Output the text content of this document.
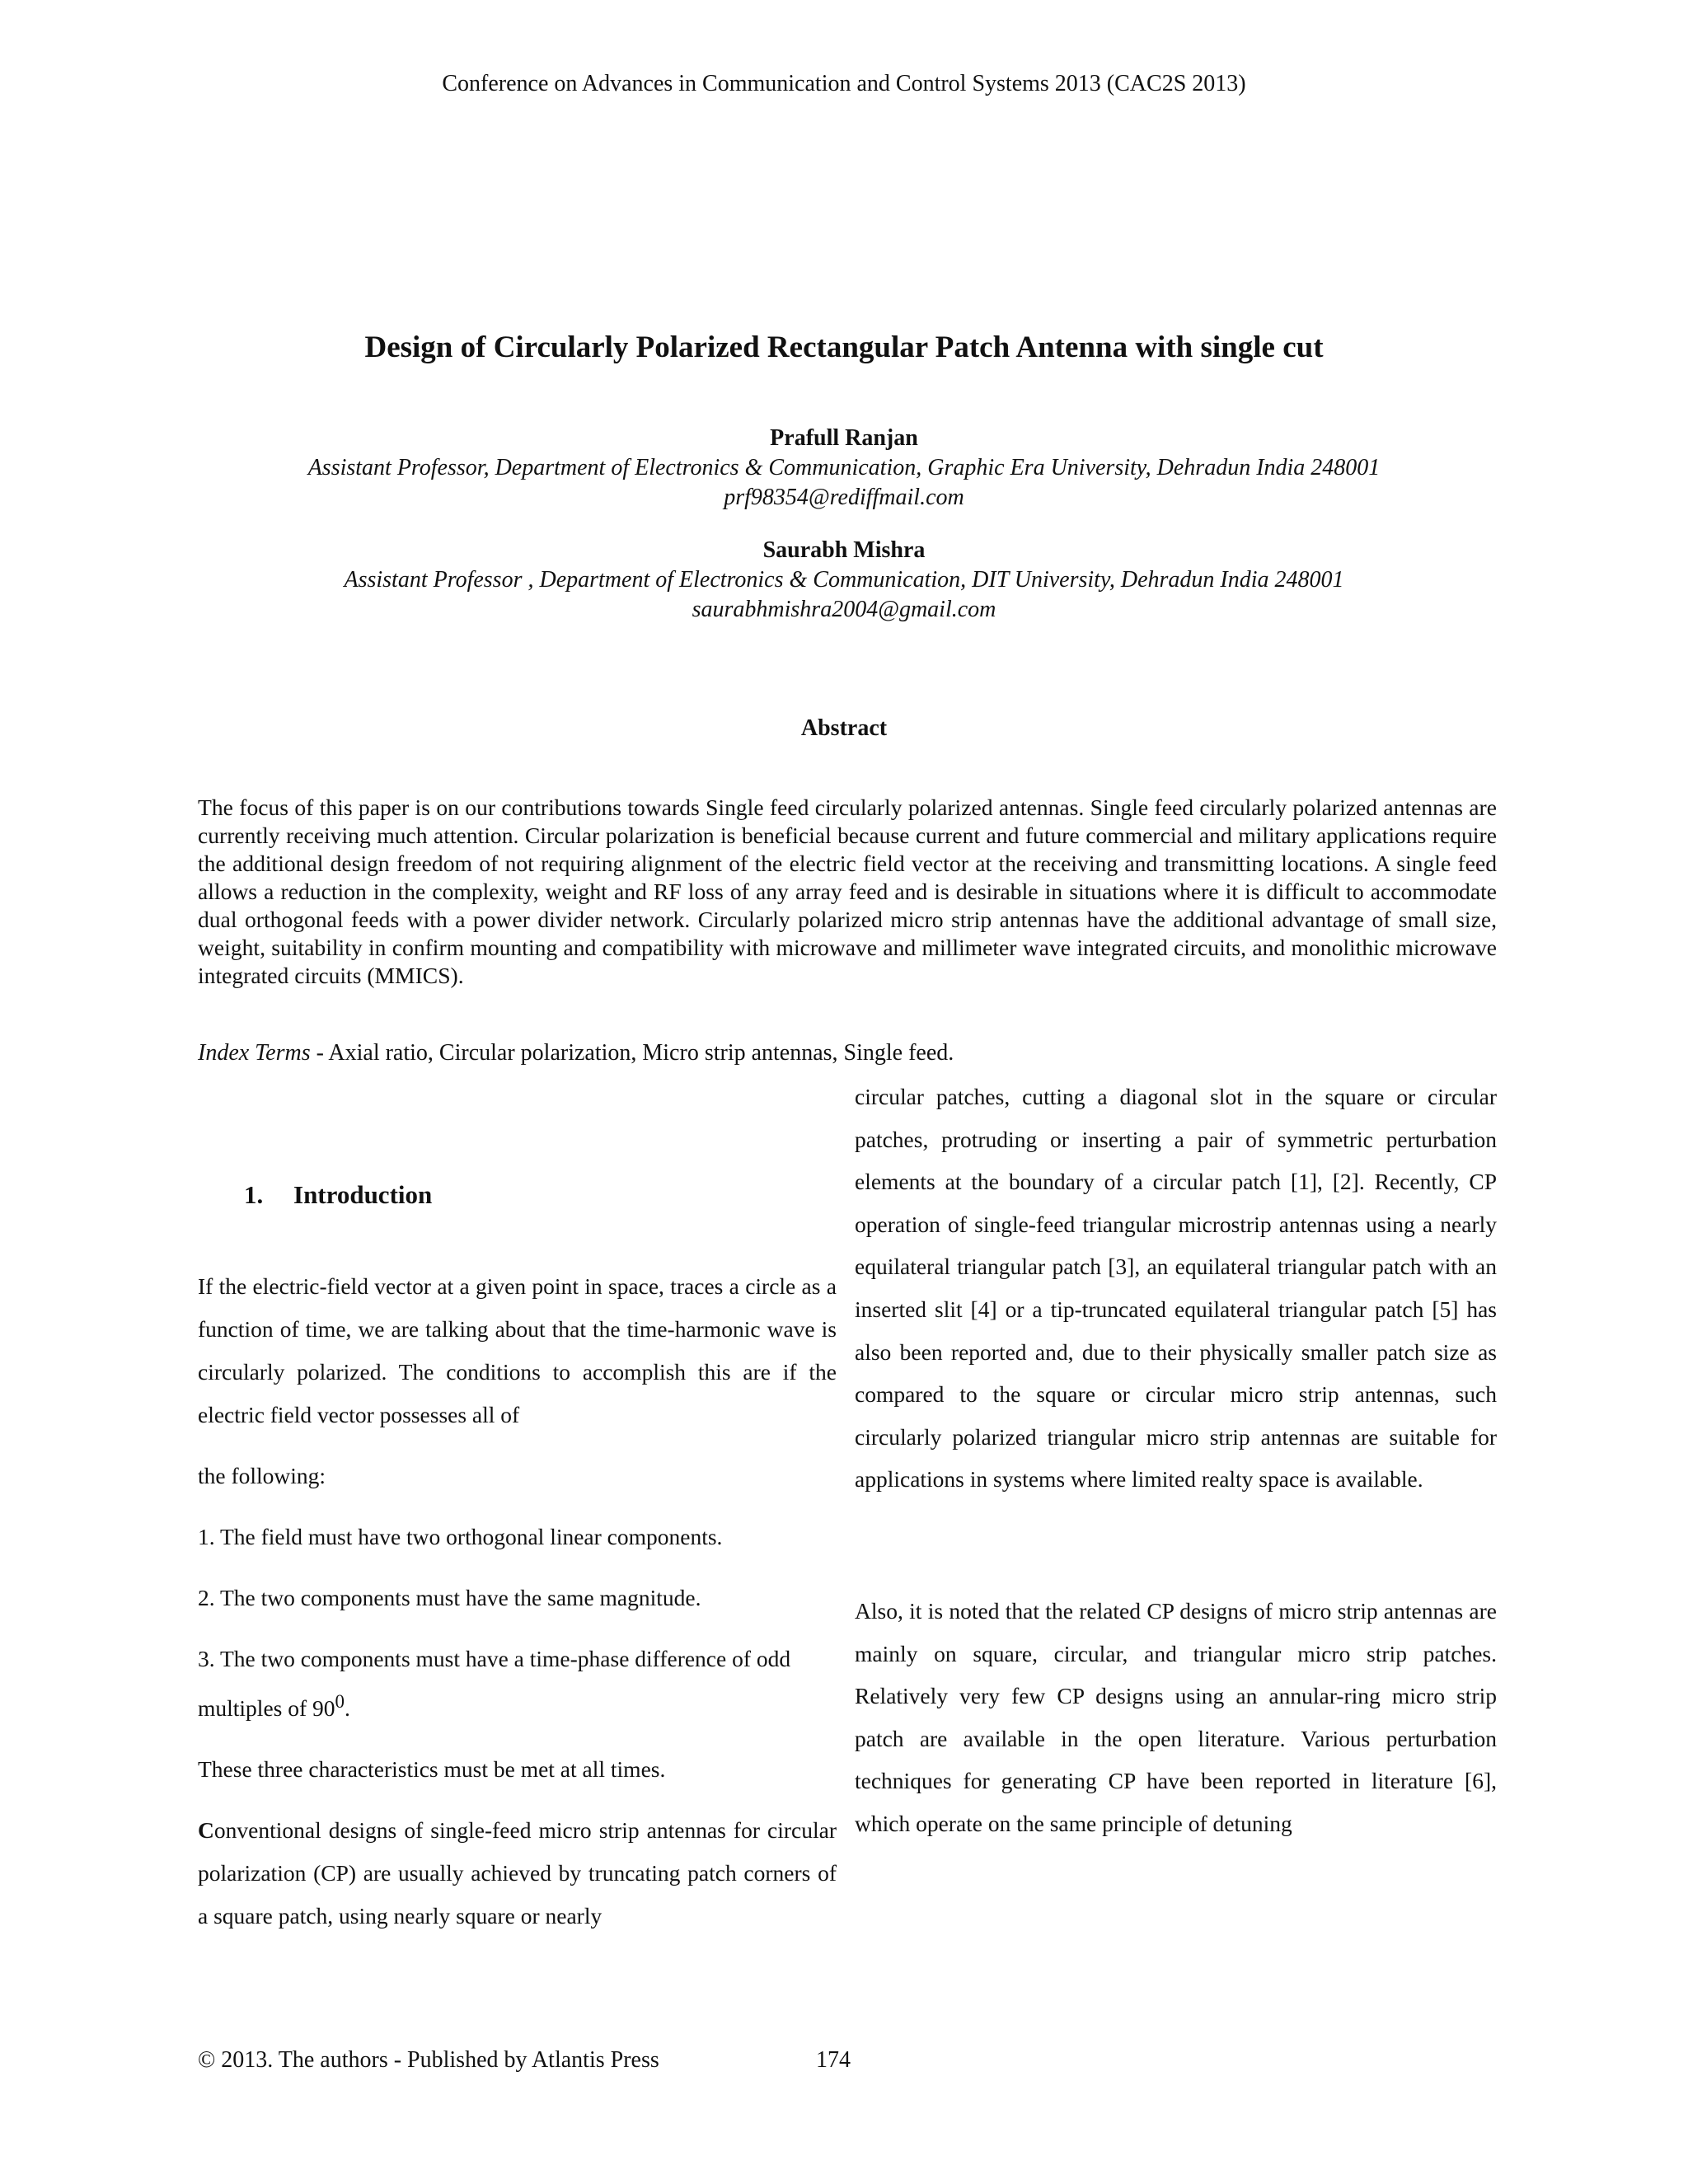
Conference on Advances in Communication and Control Systems 2013 (CAC2S 2013)
Design of Circularly Polarized Rectangular Patch Antenna with single cut
Prafull Ranjan
Assistant Professor, Department of Electronics & Communication, Graphic Era University, Dehradun India 248001
prf98354@rediffmail.com
Saurabh Mishra
Assistant Professor , Department of Electronics & Communication, DIT University, Dehradun India 248001
saurabhmishra2004@gmail.com
Abstract
The focus of this paper is on our contributions towards Single feed circularly polarized antennas. Single feed circularly polarized antennas are currently receiving much attention. Circular polarization is beneficial because current and future commercial and military applications require the additional design freedom of not requiring alignment of the electric field vector at the receiving and transmitting locations. A single feed allows a reduction in the complexity, weight and RF loss of any array feed and is desirable in situations where it is difficult to accommodate dual orthogonal feeds with a power divider network. Circularly polarized micro strip antennas have the additional advantage of small size, weight, suitability in confirm mounting and compatibility with microwave and millimeter wave integrated circuits, and monolithic microwave integrated circuits (MMICS).
Index Terms - Axial ratio, Circular polarization, Micro strip antennas, Single feed.
1. Introduction

If the electric-field vector at a given point in space, traces a circle as a function of time, we are talking about that the time-harmonic wave is circularly polarized. The conditions to accomplish this are if the electric field vector possesses all of

the following:

1. The field must have two orthogonal linear components.

2. The two components must have the same magnitude.

3. The two components must have a time-phase difference of odd multiples of $90^0$.

These three characteristics must be met at all times.

Conventional designs of single-feed micro strip antennas for circular polarization (CP) are usually achieved by truncating patch corners of a square patch, using nearly square or nearly

circular patches, cutting a diagonal slot in the square or circular patches, protruding or inserting a pair of symmetric perturbation elements at the boundary of a circular patch [1], [2]. Recently, CP operation of single-feed triangular microstrip antennas using a nearly equilateral triangular patch [3], an equilateral triangular patch with an inserted slit [4] or a tip-truncated equilateral triangular patch [5] has also been reported and, due to their physically smaller patch size as compared to the square or circular micro strip antennas, such circularly polarized triangular micro strip antennas are suitable for applications in systems where limited realty space is available.

Also, it is noted that the related CP designs of micro strip antennas are mainly on square, circular, and triangular micro strip patches. Relatively very few CP designs using an annular-ring micro strip patch are available in the open literature. Various perturbation techniques for generating CP have been reported in literature [6], which operate on the same principle of detuning

© 2013. The authors - Published by Atlantis Press	174
